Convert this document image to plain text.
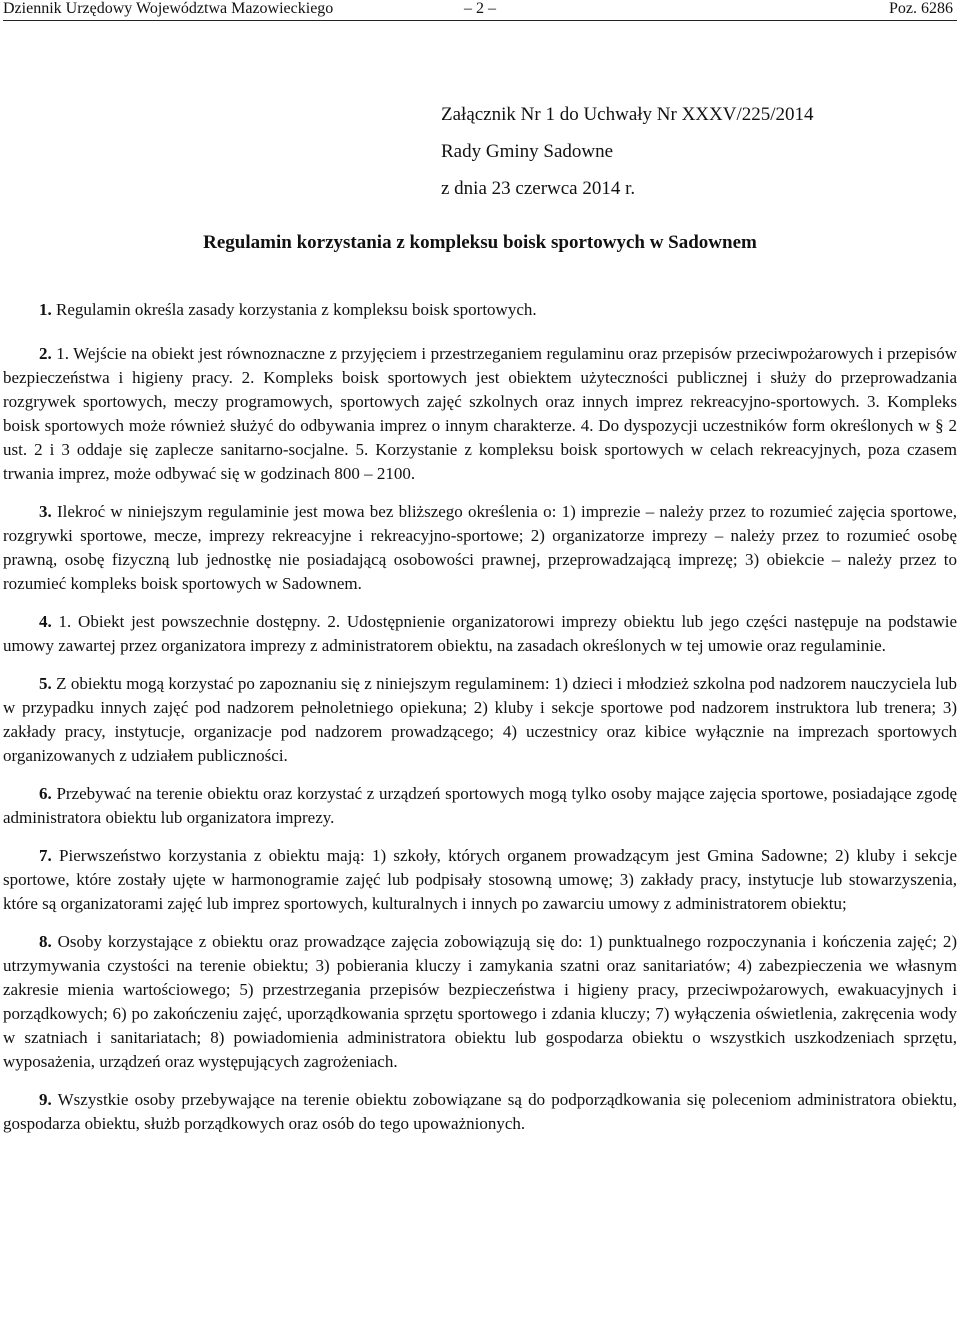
Dziennik Urzędowy Województwa Mazowieckiego	– 2 –	Poz. 6286
Załącznik Nr 1 do Uchwały Nr XXXV/225/2014
Rady Gminy Sadowne
z dnia 23 czerwca 2014 r.
Regulamin korzystania z kompleksu boisk sportowych w Sadownem

1. Regulamin określa zasady korzystania z kompleksu boisk sportowych.

2. 1. Wejście na obiekt jest równoznaczne z przyjęciem i przestrzeganiem regulaminu oraz przepisów przeciwpożarowych i przepisów bezpieczeństwa i higieny pracy. 2. Kompleks boisk sportowych jest obiektem użyteczności publicznej i służy do przeprowadzania rozgrywek sportowych, meczy programowych, sportowych zajęć szkolnych oraz innych imprez rekreacyjno-sportowych. 3. Kompleks boisk sportowych może również służyć do odbywania imprez o innym charakterze. 4. Do dyspozycji uczestników form określonych w § 2 ust. 2 i 3 oddaje się zaplecze sanitarno-socjalne. 5. Korzystanie z kompleksu boisk sportowych w celach rekreacyjnych, poza czasem trwania imprez, może odbywać się w godzinach 800 – 2100.

3. Ilekroć w niniejszym regulaminie jest mowa bez bliższego określenia o: 1) imprezie – należy przez to rozumieć zajęcia sportowe, rozgrywki sportowe, mecze, imprezy rekreacyjne i rekreacyjno-sportowe; 2) organizatorze imprezy – należy przez to rozumieć osobę prawną, osobę fizyczną lub jednostkę nie posiadającą osobowości prawnej, przeprowadzającą imprezę; 3) obiekcie – należy przez to rozumieć kompleks boisk sportowych w Sadownem.

4. 1. Obiekt jest powszechnie dostępny. 2. Udostępnienie organizatorowi imprezy obiektu lub jego części następuje na podstawie umowy zawartej przez organizatora imprezy z administratorem obiektu, na zasadach określonych w tej umowie oraz regulaminie.

5. Z obiektu mogą korzystać po zapoznaniu się z niniejszym regulaminem: 1) dzieci i młodzież szkolna pod nadzorem nauczyciela lub w przypadku innych zajęć pod nadzorem pełnoletniego opiekuna; 2) kluby i sekcje sportowe pod nadzorem instruktora lub trenera; 3) zakłady pracy, instytucje, organizacje pod nadzorem prowadzącego; 4) uczestnicy oraz kibice wyłącznie na imprezach sportowych organizowanych z udziałem publiczności.

6. Przebywać na terenie obiektu oraz korzystać z urządzeń sportowych mogą tylko osoby mające zajęcia sportowe, posiadające zgodę administratora obiektu lub organizatora imprezy.

7. Pierwszeństwo korzystania z obiektu mają: 1) szkoły, których organem prowadzącym jest Gmina Sadowne; 2) kluby i sekcje sportowe, które zostały ujęte w harmonogramie zajęć lub podpisały stosowną umowę; 3) zakłady pracy, instytucje lub stowarzyszenia, które są organizatorami zajęć lub imprez sportowych, kulturalnych i innych po zawarciu umowy z administratorem obiektu;

8. Osoby korzystające z obiektu oraz prowadzące zajęcia zobowiązują się do: 1) punktualnego rozpoczynania i kończenia zajęć; 2) utrzymywania czystości na terenie obiektu; 3) pobierania kluczy i zamykania szatni oraz sanitariatów; 4) zabezpieczenia we własnym zakresie mienia wartościowego; 5) przestrzegania przepisów bezpieczeństwa i higieny pracy, przeciwpożarowych, ewakuacyjnych i porządkowych; 6) po zakończeniu zajęć, uporządkowania sprzętu sportowego i zdania kluczy; 7) wyłączenia oświetlenia, zakręcenia wody w szatniach i sanitariatach; 8) powiadomienia administratora obiektu lub gospodarza obiektu o wszystkich uszkodzeniach sprzętu, wyposażenia, urządzeń oraz występujących zagrożeniach.

9. Wszystkie osoby przebywające na terenie obiektu zobowiązane są do podporządkowania się poleceniom administratora obiektu, gospodarza obiektu, służb porządkowych oraz osób do tego upoważnionych.
